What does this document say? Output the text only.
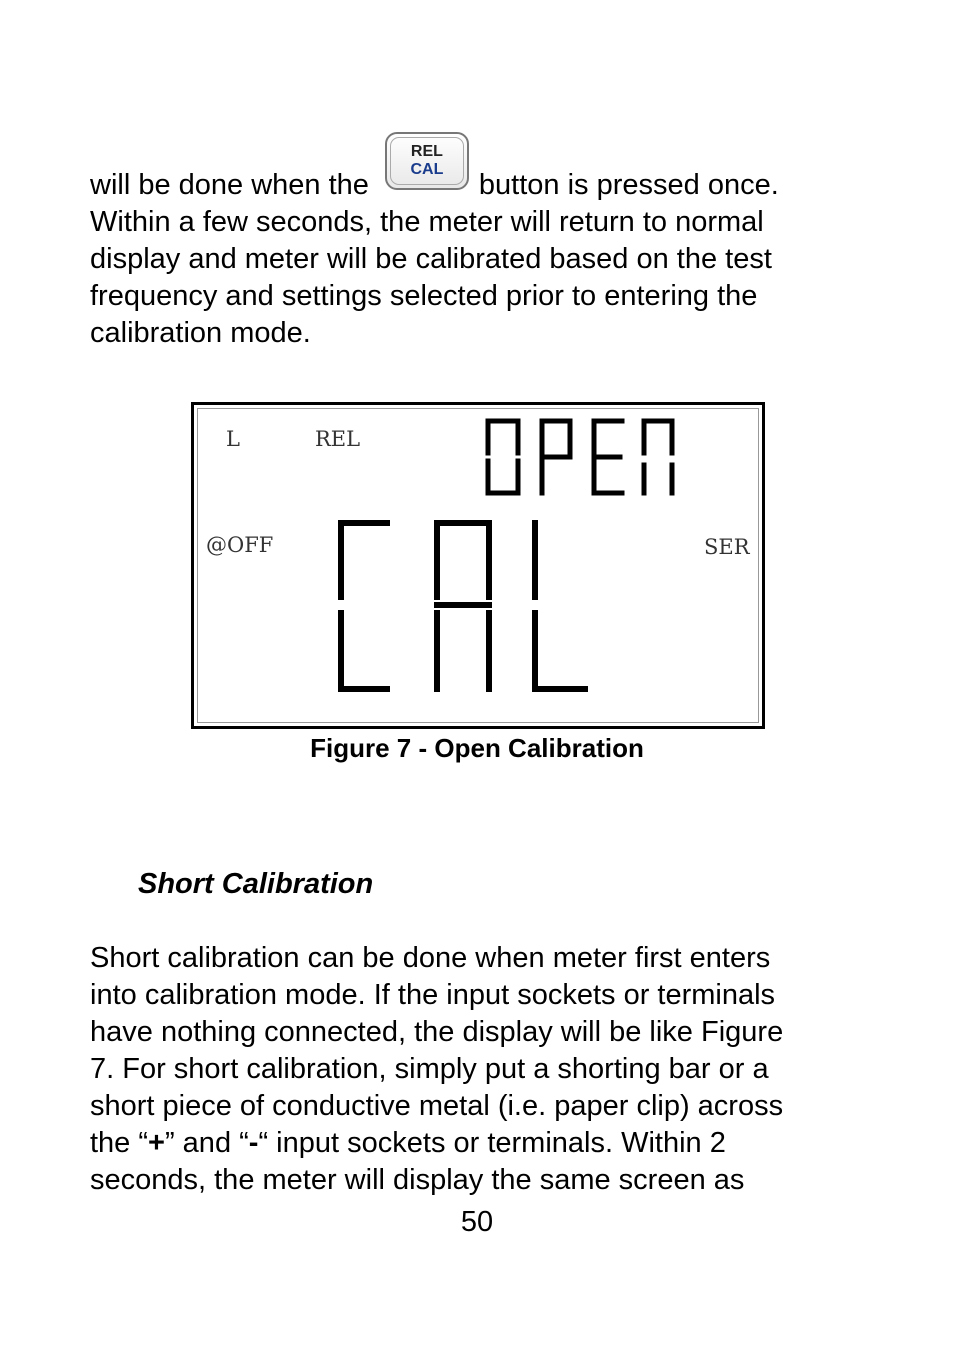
will be done when the
REL
CAL	button is pressed once.
Within a few seconds, the meter will return to normal
display and meter will be calibrated based on the test
frequency and settings selected prior to entering the
calibration mode.
L	REL
@OFF	SER
Figure 7 - Open Calibration
Short Calibration
Short calibration can be done when meter first enters
into calibration mode. If the input sockets or terminals
have nothing connected, the display will be like Figure
7. For short calibration, simply put a shorting bar or a
short piece of conductive metal (i.e. paper clip) across
the “+” and “-“ input sockets or terminals. Within 2
seconds, the meter will display the same screen as
50
